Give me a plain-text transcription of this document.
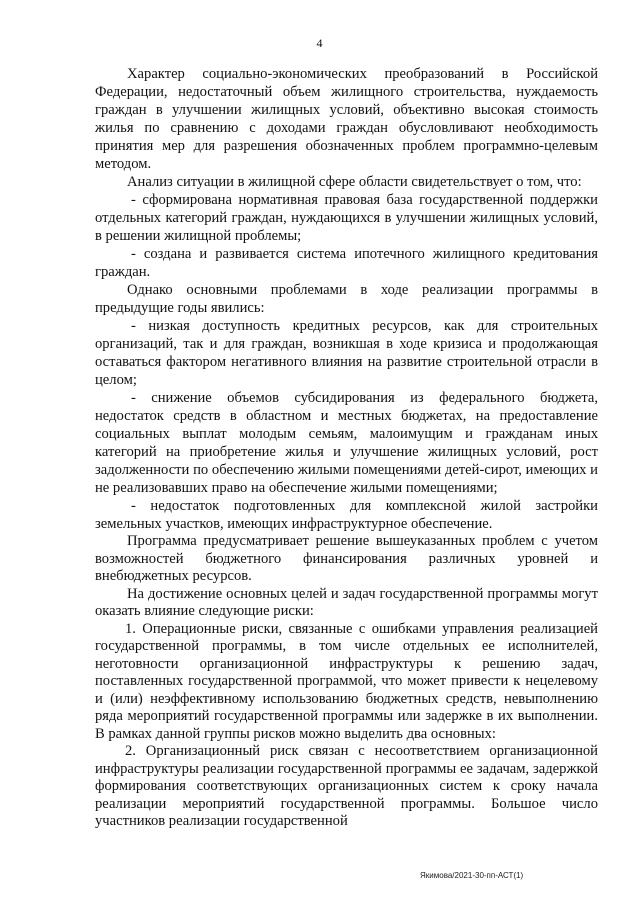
4

Характер социально-экономических преобразований в Российской Федерации, недостаточный объем жилищного строительства, нуждаемость граждан в улучшении жилищных условий, объективно высокая стоимость жилья по сравнению с доходами граждан обусловливают необходимость принятия мер для разрешения обозначенных проблем программно-целевым методом.

Анализ ситуации в жилищной сфере области свидетельствует о том, что:

- сформирована нормативная правовая база государственной поддержки отдельных категорий граждан, нуждающихся в улучшении жилищных условий, в решении жилищной проблемы;

- создана и развивается система ипотечного жилищного кредитования граждан.

Однако основными проблемами в ходе реализации программы в предыдущие годы явились:

- низкая доступность кредитных ресурсов, как для строительных организаций, так и для граждан, возникшая в ходе кризиса и продолжающая оставаться фактором негативного влияния на развитие строительной отрасли в целом;

- снижение объемов субсидирования из федерального бюджета, недостаток средств в областном и местных бюджетах, на предоставление социальных выплат молодым семьям, малоимущим и гражданам иных категорий на приобретение жилья и улучшение жилищных условий, рост задолженности по обеспечению жилыми помещениями детей-сирот, имеющих и не реализовавших право на обеспечение жилыми помещениями;

- недостаток подготовленных для комплексной жилой застройки земельных участков, имеющих инфраструктурное обеспечение.

Программа предусматривает решение вышеуказанных проблем с учетом возможностей бюджетного финансирования различных уровней и внебюджетных ресурсов.

На достижение основных целей и задач государственной программы могут оказать влияние следующие риски:

1. Операционные риски, связанные с ошибками управления реализацией государственной программы, в том числе отдельных ее исполнителей, неготовности организационной инфраструктуры к решению задач, поставленных государственной программой, что может привести к нецелевому и (или) неэффективному использованию бюджетных средств, невыполнению ряда мероприятий государственной программы или задержке в их выполнении. В рамках данной группы рисков можно выделить два основных:

2. Организационный риск связан с несоответствием организационной инфраструктуры реализации государственной программы ее задачам, задержкой формирования соответствующих организационных систем к сроку начала реализации мероприятий государственной программы. Большое число участников реализации государственной

Якимова/2021-30-пп-АСТ(1)
